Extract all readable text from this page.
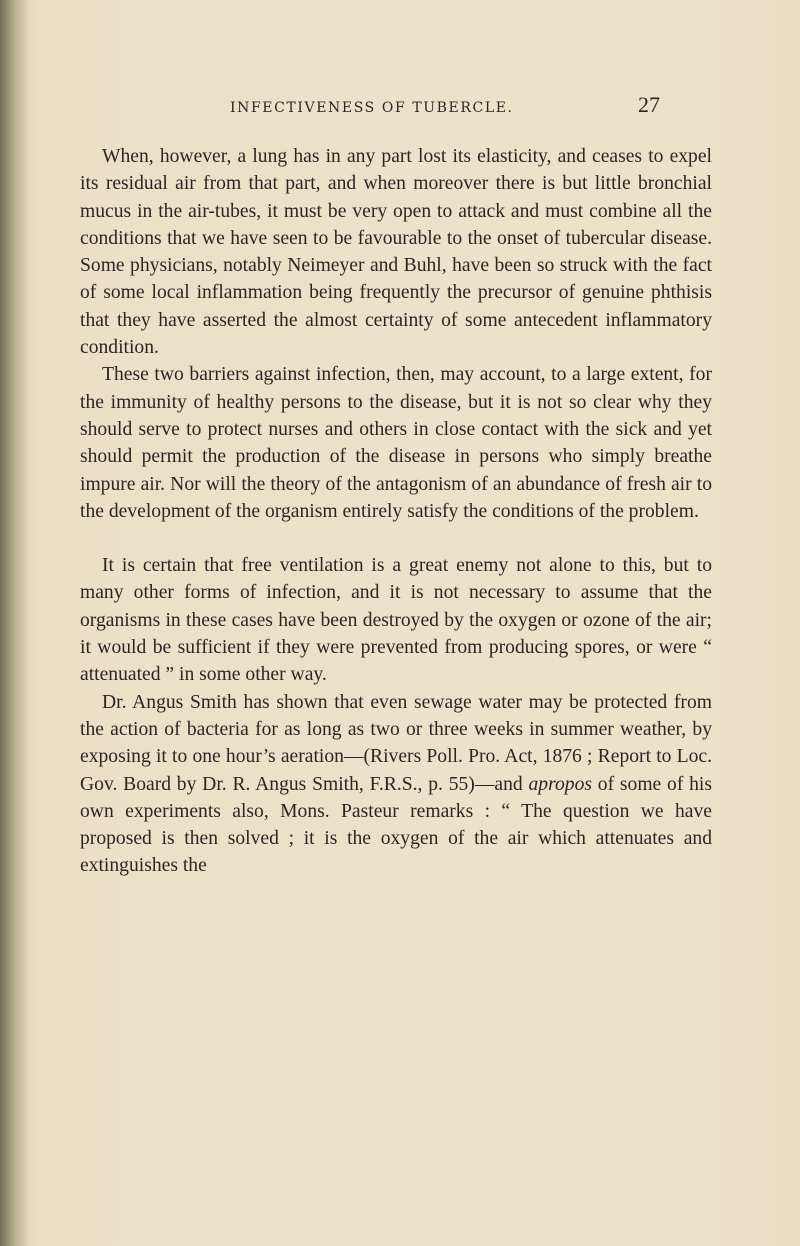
INFECTIVENESS OF TUBERCLE.	27

When, however, a lung has in any part lost its elasticity, and ceases to expel its residual air from that part, and when moreover there is but little bronchial mucus in the air-tubes, it must be very open to attack and must combine all the conditions that we have seen to be favourable to the onset of tubercular disease. Some physicians, notably Neimeyer and Buhl, have been so struck with the fact of some local inflammation being frequently the precursor of genuine phthisis that they have asserted the almost certainty of some antecedent inflammatory condition.

These two barriers against infection, then, may account, to a large extent, for the immunity of healthy persons to the disease, but it is not so clear why they should serve to protect nurses and others in close contact with the sick and yet should permit the production of the disease in persons who simply breathe impure air. Nor will the theory of the antagonism of an abundance of fresh air to the development of the organism entirely satisfy the conditions of the problem.

It is certain that free ventilation is a great enemy not alone to this, but to many other forms of infection, and it is not necessary to assume that the organisms in these cases have been destroyed by the oxygen or ozone of the air; it would be sufficient if they were prevented from producing spores, or were “ attenuated ” in some other way.

Dr. Angus Smith has shown that even sewage water may be protected from the action of bacteria for as long as two or three weeks in summer weather, by exposing it to one hour’s aeration—(Rivers Poll. Pro. Act, 1876 ; Report to Loc. Gov. Board by Dr. R. Angus Smith, F.R.S., p. 55)—and apropos of some of his own experiments also, Mons. Pasteur remarks : “ The question we have proposed is then solved ; it is the oxygen of the air which attenuates and extinguishes the
